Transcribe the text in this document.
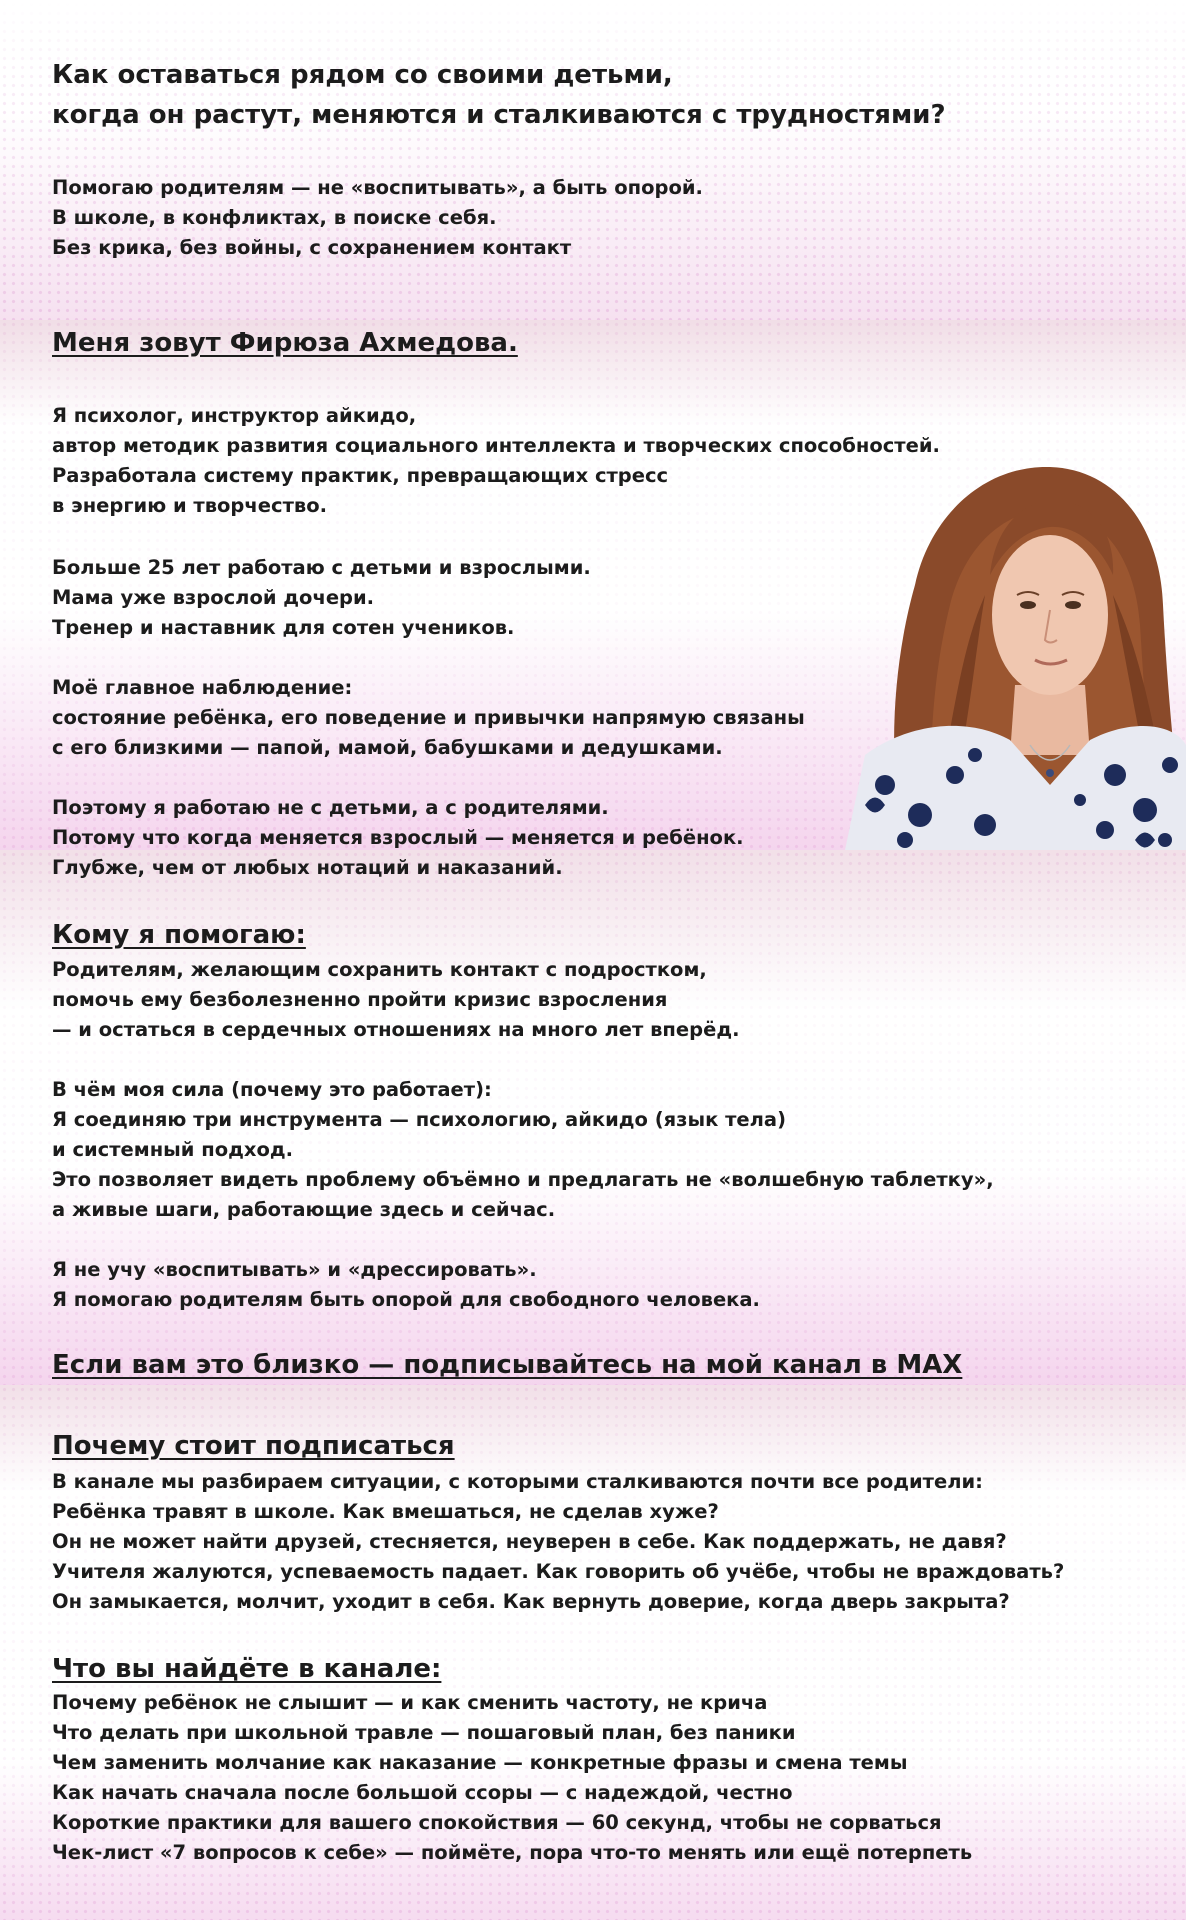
Как оставаться рядом со своими детьми,
когда он растут, меняются и сталкиваются с трудностями?
Помогаю родителям — не «воспитывать», а быть опорой.
В школе, в конфликтах, в поиске себя.
Без крика, без войны, с сохранением контакт
Меня зовут Фирюза Ахмедова.
Я психолог, инструктор айкидо,
автор методик развития социального интеллекта и творческих способностей.
Разработала систему практик, превращающих стресс
в энергию и творчество.
Больше 25 лет работаю с детьми и взрослыми.
Мама уже взрослой дочери.
Тренер и наставник для сотен учеников.
Моё главное наблюдение:
состояние ребёнка, его поведение и привычки напрямую связаны
с его близкими — папой, мамой, бабушками и дедушками.
Поэтому я работаю не с детьми, а с родителями.
Потому что когда меняется взрослый — меняется и ребёнок.
Глубже, чем от любых нотаций и наказаний.
Кому я помогаю:
Родителям, желающим сохранить контакт с подростком,
помочь ему безболезненно пройти кризис взросления
— и остаться в сердечных отношениях на много лет вперёд.
В чём моя сила (почему это работает):
Я соединяю три инструмента — психологию, айкидо (язык тела)
и системный подход.
Это позволяет видеть проблему объёмно и предлагать не «волшебную таблетку»,
а живые шаги, работающие здесь и сейчас.
Я не учу «воспитывать» и «дрессировать».
Я помогаю родителям быть опорой для свободного человека.
Если вам это близко — подписывайтесь на мой канал в MAX
Почему стоит подписаться
В канале мы разбираем ситуации, с которыми сталкиваются почти все родители:
Ребёнка травят в школе. Как вмешаться, не сделав хуже?
Он не может найти друзей, стесняется, неуверен в себе. Как поддержать, не давя?
Учителя жалуются, успеваемость падает. Как говорить об учёбе, чтобы не враждовать?
Он замыкается, молчит, уходит в себя. Как вернуть доверие, когда дверь закрыта?
Что вы найдёте в канале:
Почему ребёнок не слышит — и как сменить частоту, не крича
Что делать при школьной травле — пошаговый план, без паники
Чем заменить молчание как наказание — конкретные фразы и смена темы
Как начать сначала после большой ссоры — с надеждой, честно
Короткие практики для вашего спокойствия — 60 секунд, чтобы не сорваться
Чек-лист «7 вопросов к себе» — поймёте, пора что-то менять или ещё потерпеть
